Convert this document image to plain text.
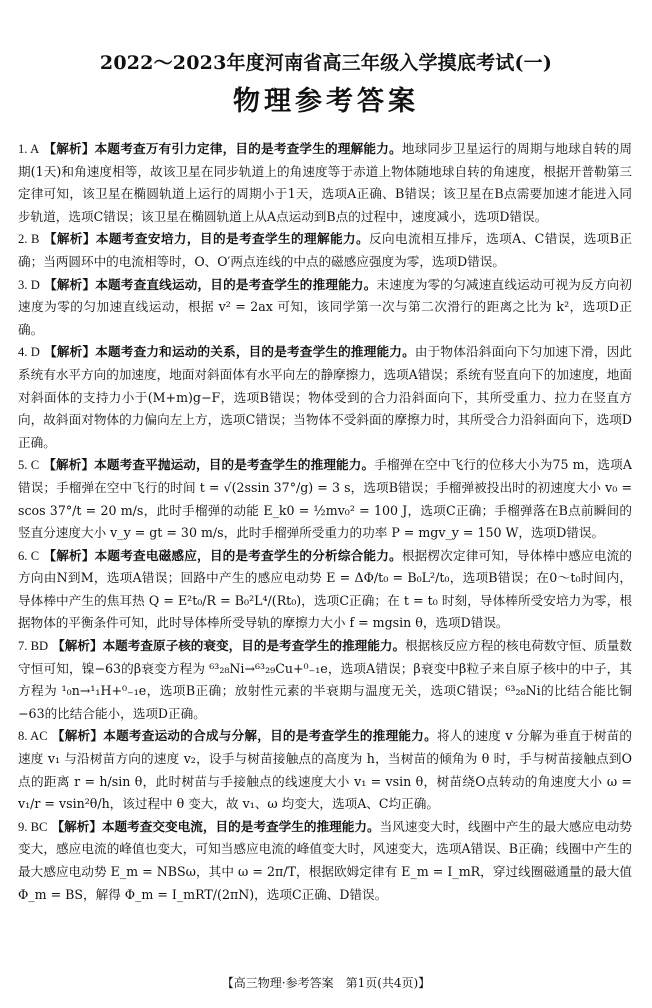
2022～2023年度河南省高三年级入学摸底考试(一)
物理参考答案

1. A 【解析】本题考查万有引力定律，目的是考查学生的理解能力。地球同步卫星运行的周期与地球自转的周期(1天)和角速度相等，故该卫星在同步轨道上的角速度等于赤道上物体随地球自转的角速度，根据开普勒第三定律可知，该卫星在椭圆轨道上运行的周期小于1天，选项A正确、B错误；该卫星在B点需要加速才能进入同步轨道，选项C错误；该卫星在椭圆轨道上从A点运动到B点的过程中，速度减小，选项D错误。

2. B 【解析】本题考查安培力，目的是考查学生的理解能力。反向电流相互排斥，选项A、C错误，选项B正确；当两圆环中的电流相等时，O、O′两点连线的中点的磁感应强度为零，选项D错误。

3. D 【解析】本题考查直线运动，目的是考查学生的推理能力。末速度为零的匀减速直线运动可视为反方向初速度为零的匀加速直线运动，根据 v² = 2ax 可知，该同学第一次与第二次滑行的距离之比为 k²，选项D正确。

4. D 【解析】本题考查力和运动的关系，目的是考查学生的推理能力。由于物体沿斜面向下匀加速下滑，因此系统有水平方向的加速度，地面对斜面体有水平向左的静摩擦力，选项A错误；系统有竖直向下的加速度，地面对斜面体的支持力小于(M+m)g−F，选项B错误；物体受到的合力沿斜面向下，其所受重力、拉力在竖直方向，故斜面对物体的力偏向左上方，选项C错误；当物体不受斜面的摩擦力时，其所受合力沿斜面向下，选项D正确。

5. C 【解析】本题考查平抛运动，目的是考查学生的推理能力。手榴弹在空中飞行的位移大小为75 m，选项A错误；手榴弹在空中飞行的时间 t = √(2ssin 37°/g) = 3 s，选项B错误；手榴弹被投出时的初速度大小 v₀ = scos 37°/t = 20 m/s，此时手榴弹的动能 E_k0 = ½mv₀² = 100 J，选项C正确；手榴弹落在B点前瞬间的竖直分速度大小 v_y = gt = 30 m/s，此时手榴弹所受重力的功率 P = mgv_y = 150 W，选项D错误。

6. C 【解析】本题考查电磁感应，目的是考查学生的分析综合能力。根据楞次定律可知，导体棒中感应电流的方向由N到M，选项A错误；回路中产生的感应电动势 E = ΔΦ/t₀ = B₀L²/t₀，选项B错误；在0～t₀时间内，导体棒中产生的焦耳热 Q = E²t₀/R = B₀²L⁴/(Rt₀)，选项C正确；在 t = t₀ 时刻，导体棒所受安培力为零，根据物体的平衡条件可知，此时导体棒所受导轨的摩擦力大小 f = mgsin θ，选项D错误。

7. BD 【解析】本题考查原子核的衰变，目的是考查学生的推理能力。根据核反应方程的核电荷数守恒、质量数守恒可知，镍−63的β衰变方程为 ⁶³₂₈Ni→⁶³₂₉Cu+⁰₋₁e，选项A错误；β衰变中β粒子来自原子核中的中子，其方程为 ¹₀n→¹₁H+⁰₋₁e，选项B正确；放射性元素的半衰期与温度无关，选项C错误；⁶³₂₈Ni的比结合能比铜−63的比结合能小，选项D正确。

8. AC 【解析】本题考查运动的合成与分解，目的是考查学生的推理能力。将人的速度 v 分解为垂直于树苗的速度 v₁ 与沿树苗方向的速度 v₂，设手与树苗接触点的高度为 h，当树苗的倾角为 θ 时，手与树苗接触点到O点的距离 r = h/sin θ，此时树苗与手接触点的线速度大小 v₁ = vsin θ，树苗绕O点转动的角速度大小 ω = v₁/r = vsin²θ/h，该过程中 θ 变大，故 v₁、ω 均变大，选项A、C均正确。

9. BC 【解析】本题考查交变电流，目的是考查学生的推理能力。当风速变大时，线圈中产生的最大感应电动势变大，感应电流的峰值也变大，可知当感应电流的峰值变大时，风速变大，选项A错误、B正确；线圈中产生的最大感应电动势 E_m = NBSω，其中 ω = 2π/T，根据欧姆定律有 E_m = I_mR，穿过线圈磁通量的最大值 Φ_m = BS，解得 Φ_m = I_mRT/(2πN)，选项C正确、D错误。

【高三物理·参考答案　第1页(共4页)】
